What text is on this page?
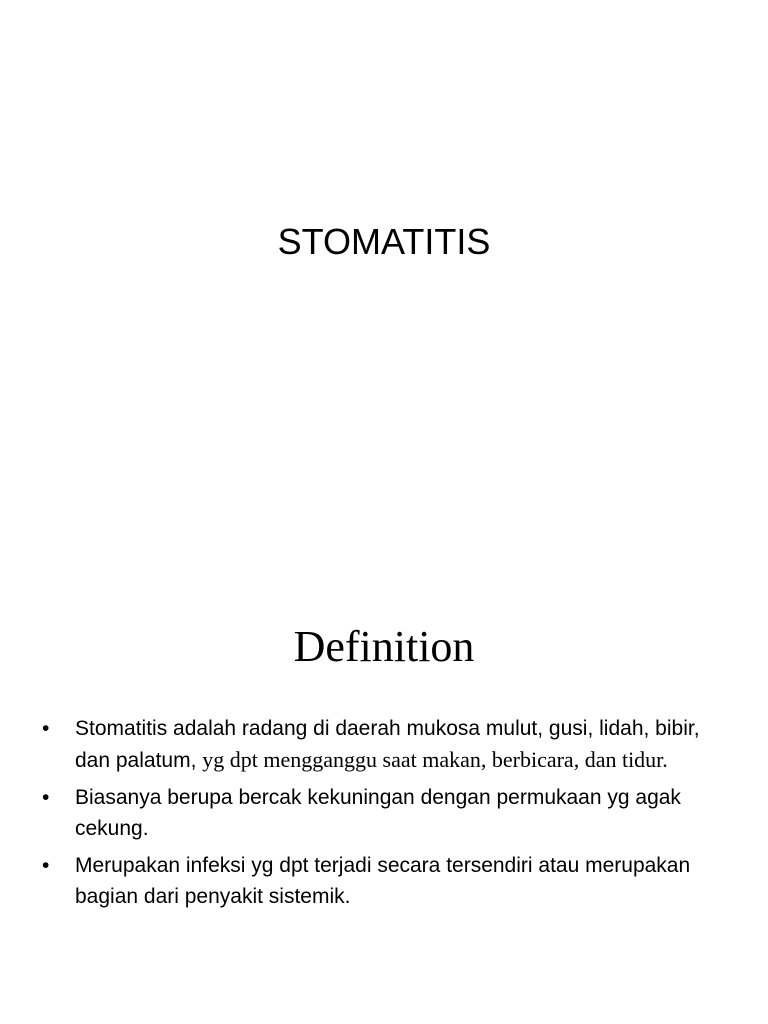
STOMATITIS
Definition
•	Stomatitis adalah radang di daerah mukosa mulut, gusi, lidah, bibir, dan palatum, yg dpt mengganggu saat makan, berbicara, dan tidur.
•	Biasanya berupa bercak kekuningan dengan permukaan yg agak cekung.
•	Merupakan infeksi yg dpt terjadi secara tersendiri atau merupakan bagian dari penyakit sistemik.
